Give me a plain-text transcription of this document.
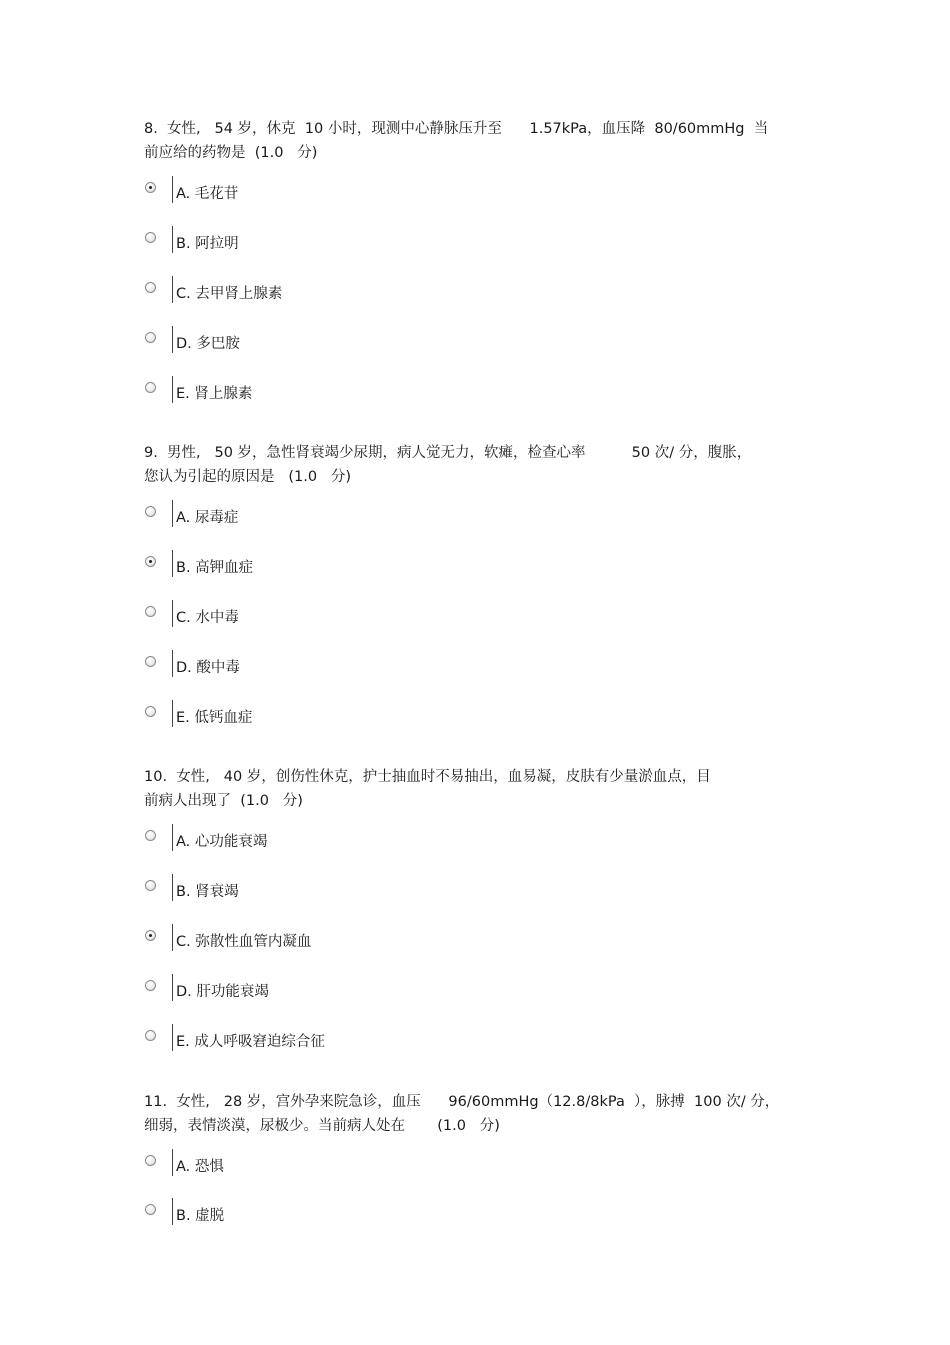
8.  女性,   54 岁，休克  10 小时，现测中心静脉压升至      1.57kPa，血压降  80/60mmHg  当
前应给的药物是  (1.0   分)

A. 毛花苷
B. 阿拉明
C. 去甲肾上腺素
D. 多巴胺
E. 肾上腺素

9.  男性,   50 岁，急性肾衰竭少尿期，病人觉无力，软瘫，检查心率          50 次/ 分，腹胀，
您认为引起的原因是   (1.0   分)

A. 尿毒症
B. 高钾血症
C. 水中毒
D. 酸中毒
E. 低钙血症

10.  女性,   40 岁，创伤性休克，护士抽血时不易抽出，血易凝，皮肤有少量淤血点，目
前病人出现了  (1.0   分)

A. 心功能衰竭
B. 肾衰竭
C. 弥散性血管内凝血
D. 肝功能衰竭
E. 成人呼吸窘迫综合征

11.  女性,   28 岁，宫外孕来院急诊，血压      96/60mmHg（12.8/8kPa  ），脉搏  100 次/ 分，
细弱，表情淡漠，尿极少。当前病人处在       (1.0   分)

A. 恐惧
B. 虚脱
